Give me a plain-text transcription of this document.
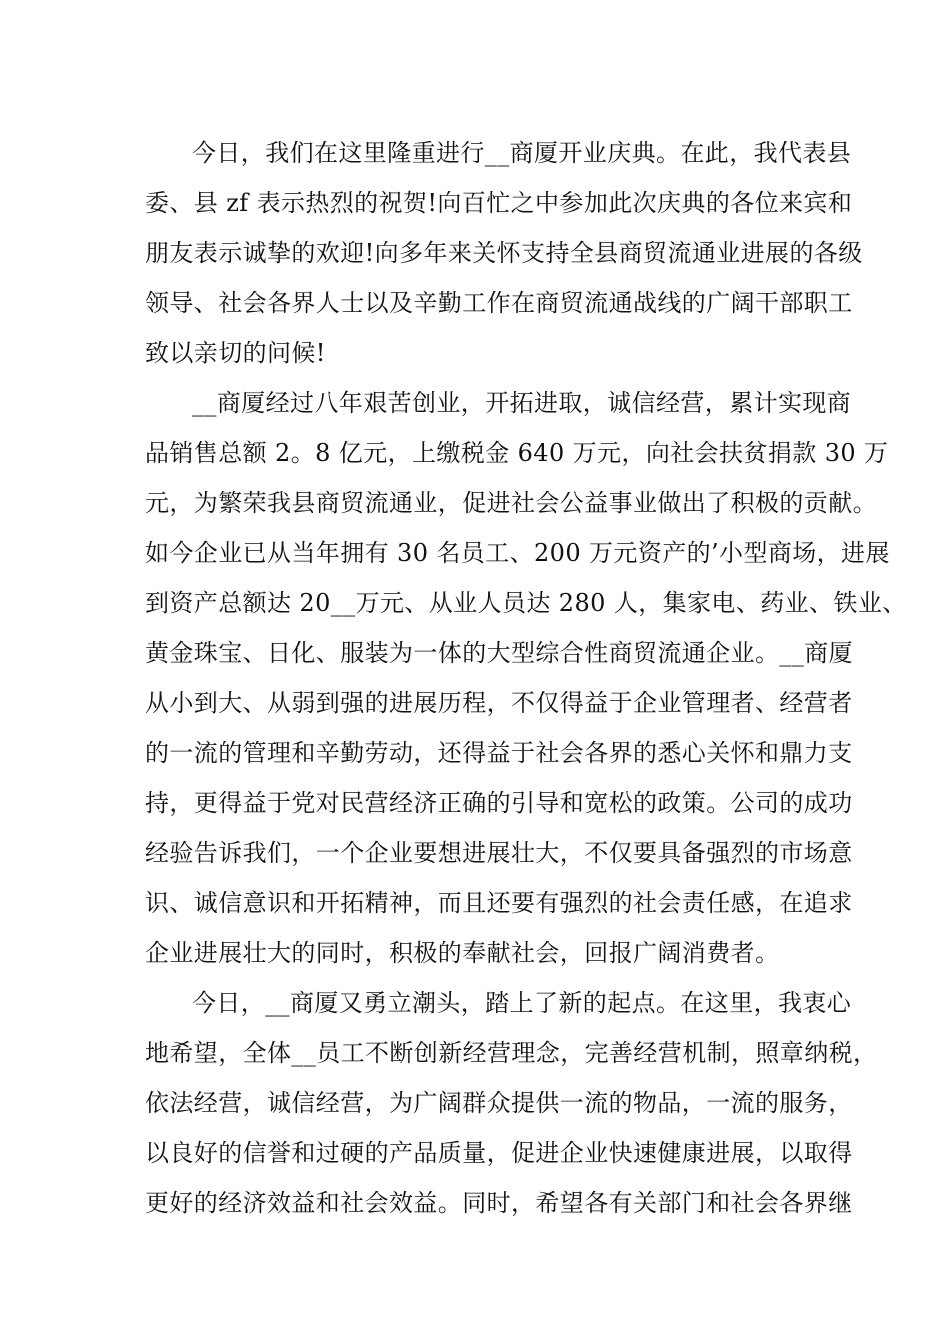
今日，我们在这里隆重进行__商厦开业庆典。在此，我代表县
委、县 zf 表示热烈的祝贺!向百忙之中参加此次庆典的各位来宾和
朋友表示诚挚的欢迎!向多年来关怀支持全县商贸流通业进展的各级
领导、社会各界人士以及辛勤工作在商贸流通战线的广阔干部职工
致以亲切的问候!
__商厦经过八年艰苦创业，开拓进取，诚信经营，累计实现商
品销售总额 2。8 亿元，上缴税金 640 万元，向社会扶贫捐款 30 万
元，为繁荣我县商贸流通业，促进社会公益事业做出了积极的贡献。
如今企业已从当年拥有 30 名员工、200 万元资产的’小型商场，进展
到资产总额达 20__万元、从业人员达 280 人，集家电、药业、铁业、
黄金珠宝、日化、服装为一体的大型综合性商贸流通企业。__商厦
从小到大、从弱到强的进展历程，不仅得益于企业管理者、经营者
的一流的管理和辛勤劳动，还得益于社会各界的悉心关怀和鼎力支
持，更得益于党对民营经济正确的引导和宽松的政策。公司的成功
经验告诉我们，一个企业要想进展壮大，不仅要具备强烈的市场意
识、诚信意识和开拓精神，而且还要有强烈的社会责任感，在追求
企业进展壮大的同时，积极的奉献社会，回报广阔消费者。
今日，__商厦又勇立潮头，踏上了新的起点。在这里，我衷心
地希望，全体__员工不断创新经营理念，完善经营机制，照章纳税，
依法经营，诚信经营，为广阔群众提供一流的物品，一流的服务，
以良好的信誉和过硬的产品质量，促进企业快速健康进展，以取得
更好的经济效益和社会效益。同时，希望各有关部门和社会各界继
